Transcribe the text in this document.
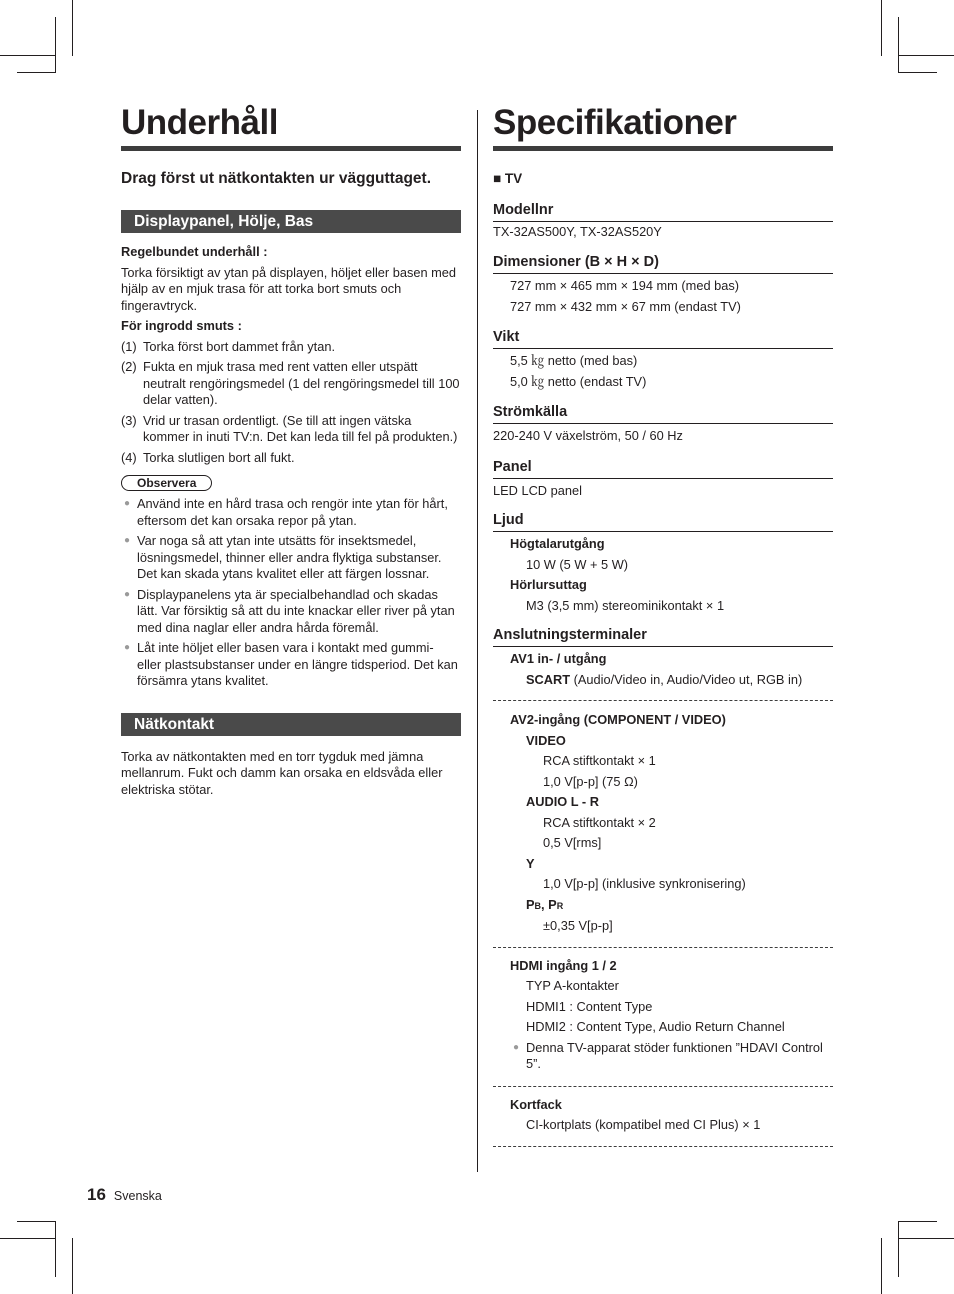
Underhåll
Drag först ut nätkontakten ur vägguttaget.
Displaypanel, Hölje, Bas
Regelbundet underhåll :
Torka försiktigt av ytan på displayen, höljet eller basen med hjälp av en mjuk trasa för att torka bort smuts och fingeravtryck.
För ingrodd smuts :
(1) Torka först bort dammet från ytan.
(2) Fukta en mjuk trasa med rent vatten eller utspätt neutralt rengöringsmedel (1 del rengöringsmedel till 100 delar vatten).
(3) Vrid ur trasan ordentligt. (Se till att ingen vätska kommer in inuti TV:n. Det kan leda till fel på produkten.)
(4) Torka slutligen bort all fukt.
Observera
● Använd inte en hård trasa och rengör inte ytan för hårt, eftersom det kan orsaka repor på ytan.
● Var noga så att ytan inte utsätts för insektsmedel, lösningsmedel, thinner eller andra flyktiga substanser. Det kan skada ytans kvalitet eller att färgen lossnar.
● Displaypanelens yta är specialbehandlad och skadas lätt. Var försiktig så att du inte knackar eller river på ytan med dina naglar eller andra hårda föremål.
● Låt inte höljet eller basen vara i kontakt med gummi- eller plastsubstanser under en längre tidsperiod. Det kan försämra ytans kvalitet.
Nätkontakt
Torka av nätkontakten med en torr tygduk med jämna mellanrum. Fukt och damm kan orsaka en eldsvåda eller elektriska stötar.
Specifikationer
■ TV
Modellnr
TX-32AS500Y, TX-32AS520Y
Dimensioner (B × H × D)
727 mm × 465 mm × 194 mm (med bas)
727 mm × 432 mm × 67 mm (endast TV)
Vikt
5,5 ㎏ netto (med bas)
5,0 ㎏ netto (endast TV)
Strömkälla
220-240 V växelström, 50 / 60 Hz
Panel
LED LCD panel
Ljud
Högtalarutgång
10 W (5 W + 5 W)
Hörlursuttag
M3 (3,5 mm) stereominikontakt × 1
Anslutningsterminaler
AV1 in- / utgång
SCART (Audio/Video in, Audio/Video ut, RGB in)
AV2-ingång (COMPONENT / VIDEO)
VIDEO
RCA stiftkontakt × 1
1,0 V[p-p] (75 Ω)
AUDIO L - R
RCA stiftkontakt × 2
0,5 V[rms]
Y
1,0 V[p-p] (inklusive synkronisering)
PB, PR
±0,35 V[p-p]
HDMI ingång 1 / 2
TYP A-kontakter
HDMI1 : Content Type
HDMI2 : Content Type, Audio Return Channel
● Denna TV-apparat stöder funktionen ”HDAVI Control 5”.
Kortfack
CI-kortplats (kompatibel med CI Plus) × 1
16 Svenska
